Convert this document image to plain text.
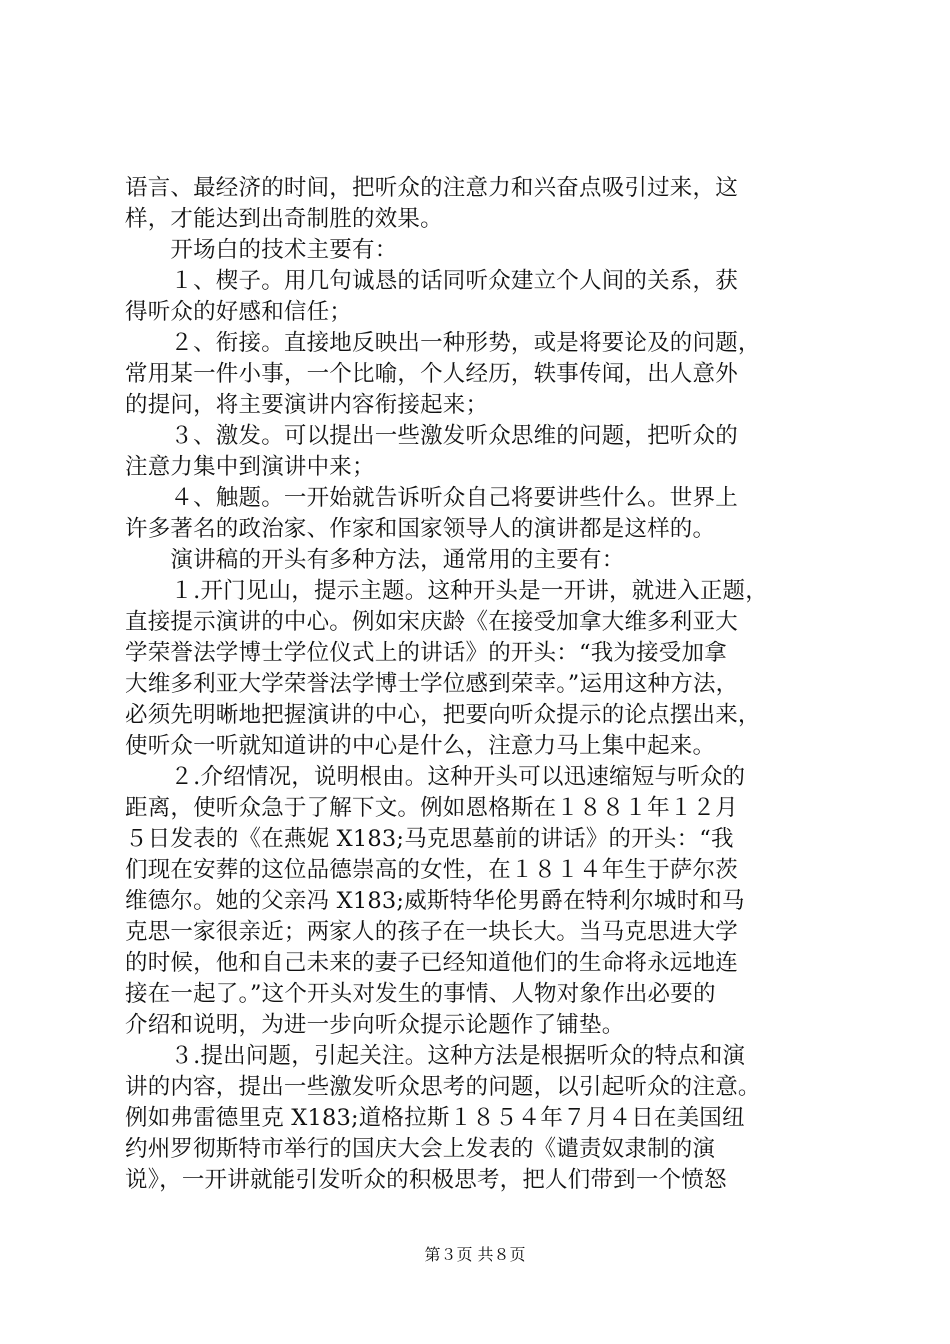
语言、最经济的时间，把听众的注意力和兴奋点吸引过来，这
样，才能达到出奇制胜的效果。
　　开场白的技术主要有：
　　１、楔子。用几句诚恳的话同听众建立个人间的关系，获
得听众的好感和信任；
　　２、衔接。直接地反映出一种形势，或是将要论及的问题，
常用某一件小事，一个比喻，个人经历，轶事传闻，出人意外
的提问，将主要演讲内容衔接起来；
　　３、激发。可以提出一些激发听众思维的问题，把听众的
注意力集中到演讲中来；
　　４、触题。一开始就告诉听众自己将要讲些什么。世界上
许多著名的政治家、作家和国家领导人的演讲都是这样的。
　　演讲稿的开头有多种方法，通常用的主要有：
　　１.开门见山，提示主题。这种开头是一开讲，就进入正题，
直接提示演讲的中心。例如宋庆龄《在接受加拿大维多利亚大
学荣誉法学博士学位仪式上的讲话》的开头：“我为接受加拿
大维多利亚大学荣誉法学博士学位感到荣幸。”运用这种方法，
必须先明晰地把握演讲的中心，把要向听众提示的论点摆出来，
使听众一听就知道讲的中心是什么，注意力马上集中起来。
　　２.介绍情况，说明根由。这种开头可以迅速缩短与听众的
距离，使听众急于了解下文。例如恩格斯在１８８１年１２月
５日发表的《在燕妮 X183;马克思墓前的讲话》的开头：“我
们现在安葬的这位品德崇高的女性，在１８１４年生于萨尔茨
维德尔。她的父亲冯 X183;威斯特华伦男爵在特利尔城时和马
克思一家很亲近；两家人的孩子在一块长大。当马克思进大学
的时候，他和自己未来的妻子已经知道他们的生命将永远地连
接在一起了。”这个开头对发生的事情、人物对象作出必要的
介绍和说明，为进一步向听众提示论题作了铺垫。
　　３.提出问题，引起关注。这种方法是根据听众的特点和演
讲的内容，提出一些激发听众思考的问题，以引起听众的注意。
例如弗雷德里克 X183;道格拉斯１８５４年７月４日在美国纽
约州罗彻斯特市举行的国庆大会上发表的《谴责奴隶制的演
说》，一开讲就能引发听众的积极思考，把人们带到一个愤怒
第３页 共８页
